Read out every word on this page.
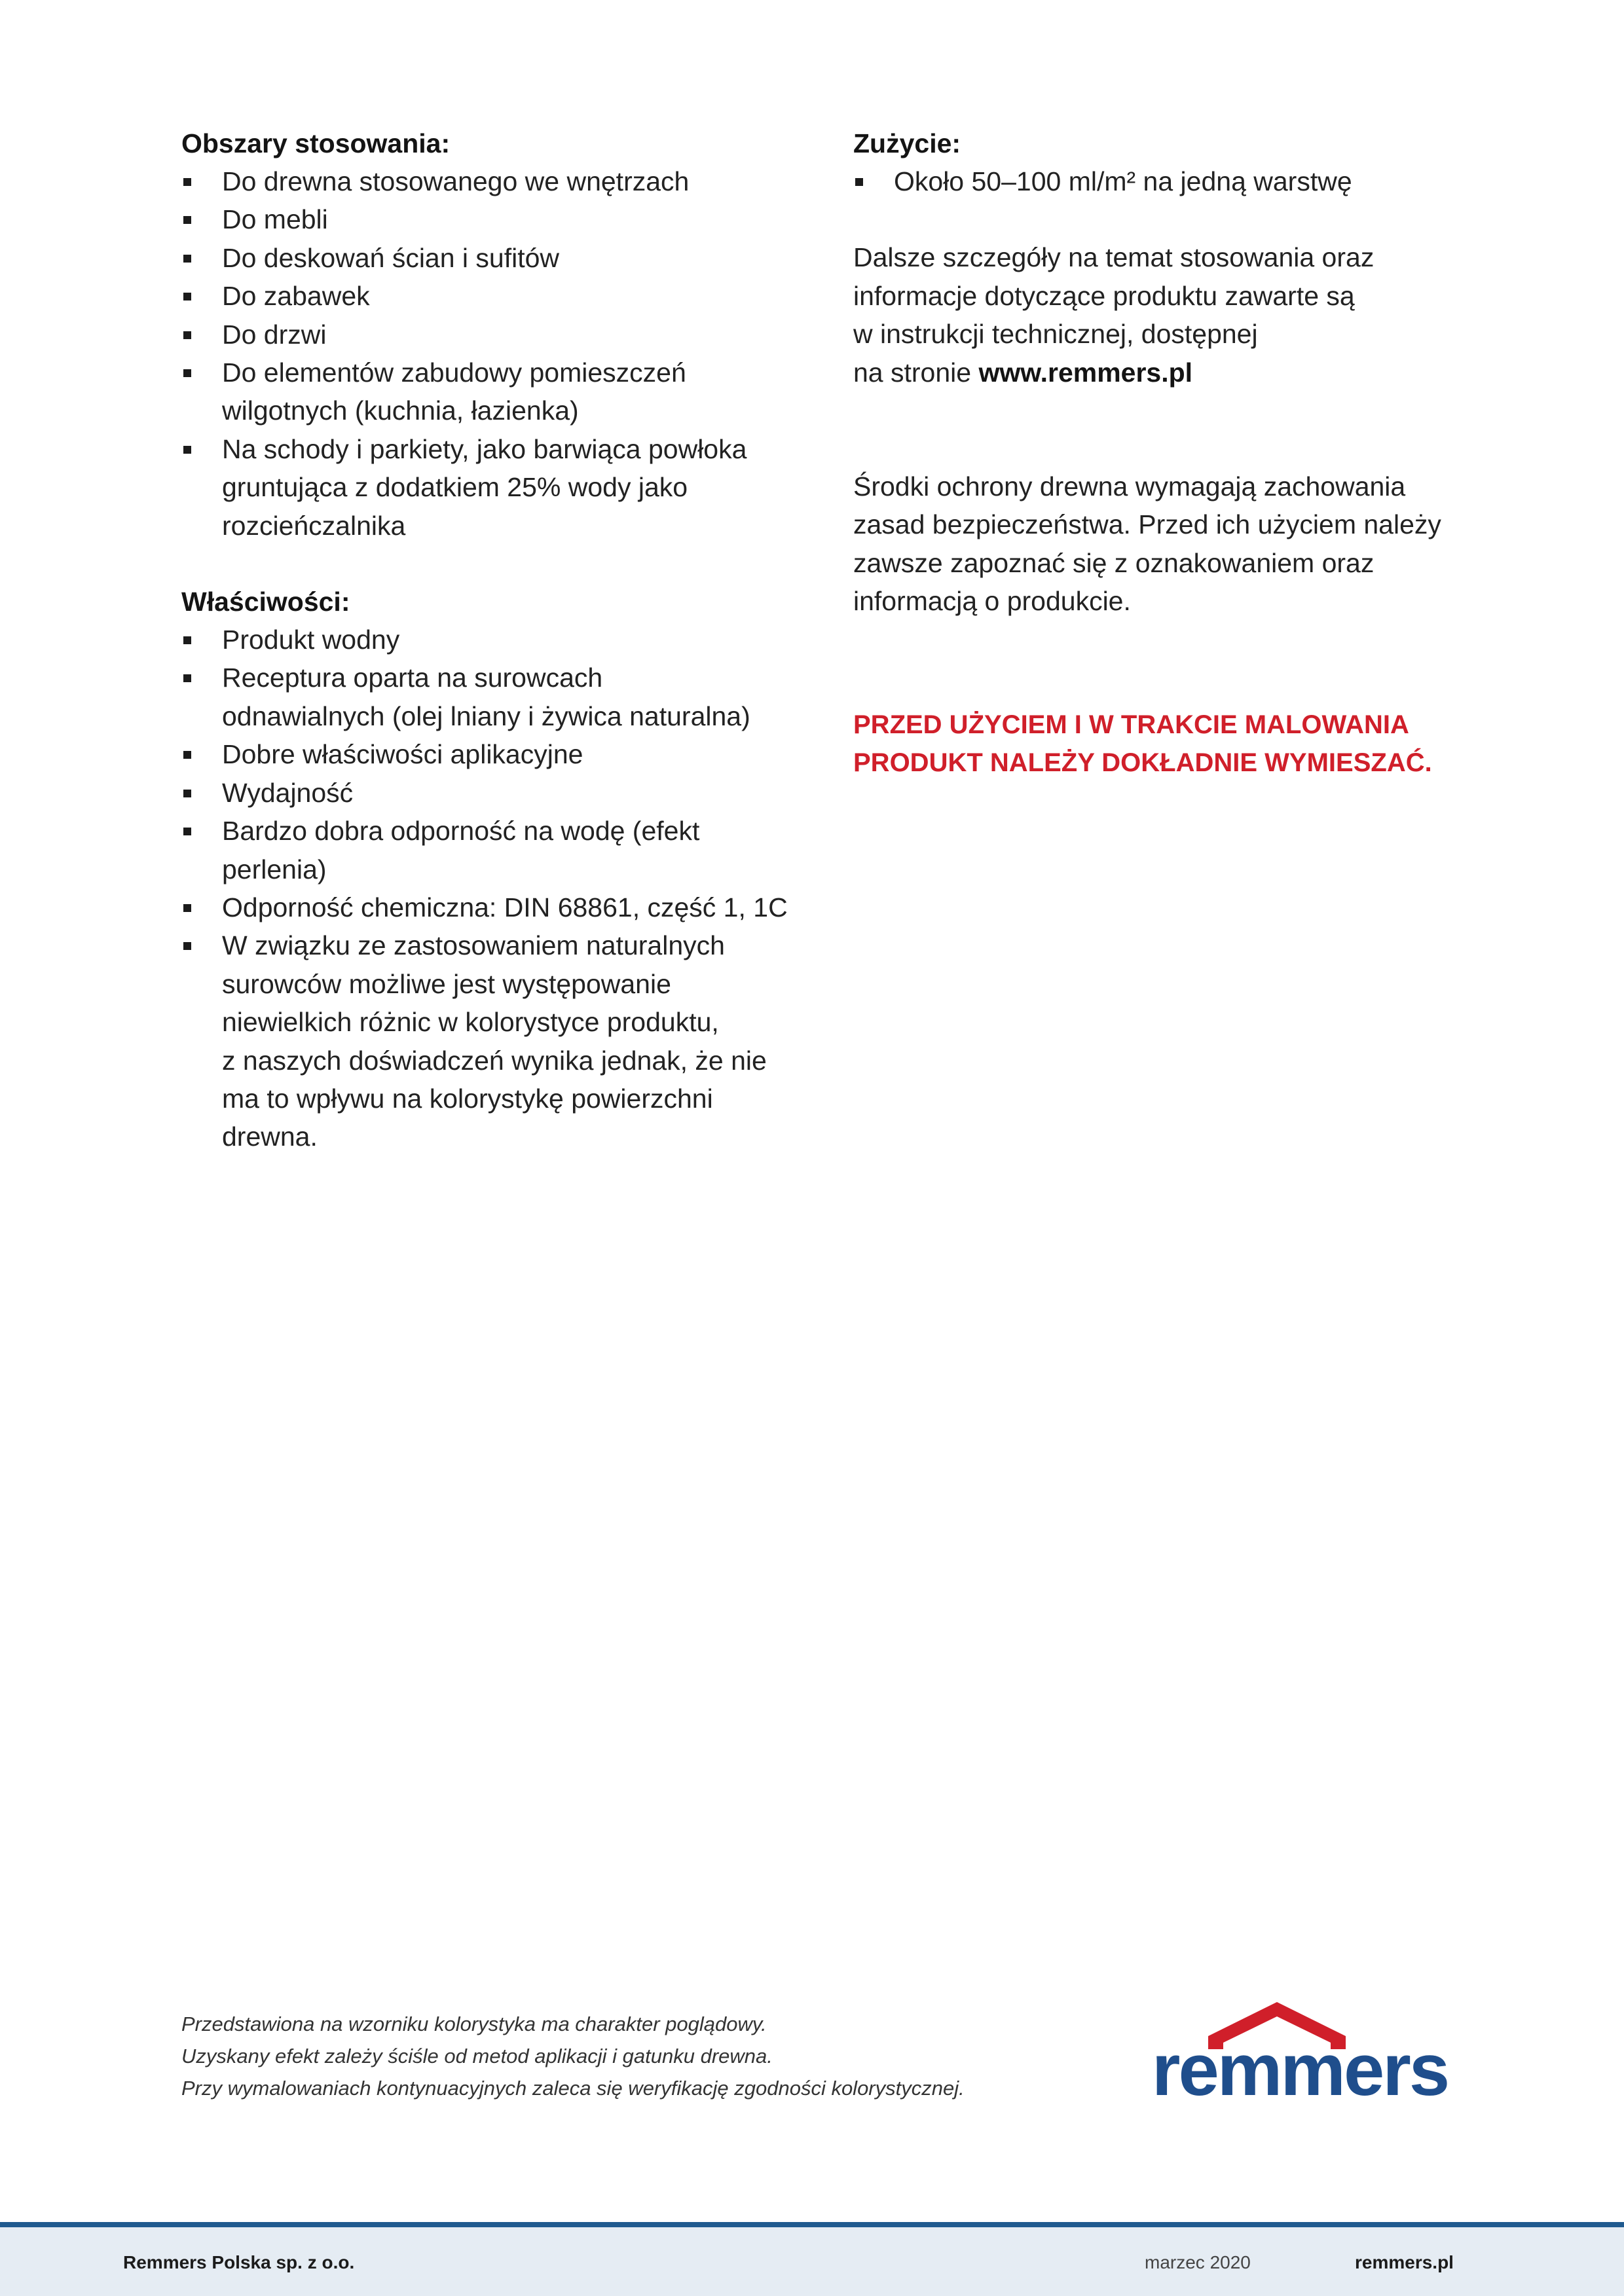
Obszary stosowania:

Do drewna stosowanego we wnętrzach
Do mebli
Do deskowań ścian i sufitów
Do zabawek
Do drzwi
Do elementów zabudowy pomieszczeń
wilgotnych (kuchnia, łazienka)
Na schody i parkiety, jako barwiąca powłoka
gruntująca z dodatkiem 25% wody jako
rozcieńczalnika

Właściwości:

Produkt wodny
Receptura oparta na surowcach
odnawialnych (olej lniany i żywica naturalna)
Dobre właściwości aplikacyjne
Wydajność
Bardzo dobra odporność na wodę (efekt
perlenia)
Odporność chemiczna: DIN 68861, część 1, 1C
W związku ze zastosowaniem naturalnych
surowców możliwe jest występowanie
niewielkich różnic w kolorystyce produktu,
z naszych doświadczeń wynika jednak, że nie
ma to wpływu na kolorystykę powierzchni
drewna.

Zużycie:

Około 50–100 ml/m² na jedną warstwę

Dalsze szczegóły na temat stosowania oraz
informacje dotyczące produktu zawarte są
w instrukcji technicznej, dostępnej
na stronie www.remmers.pl

Środki ochrony drewna wymagają zachowania
zasad bezpieczeństwa. Przed ich użyciem należy
zawsze zapoznać się z oznakowaniem oraz
informacją o produkcie.

PRZED UŻYCIEM I W TRAKCIE MALOWANIA
PRODUKT NALEŻY DOKŁADNIE WYMIESZAĆ.

Przedstawiona na wzorniku kolorystyka ma charakter poglądowy.
Uzyskany efekt zależy ściśle od metod aplikacji i gatunku drewna.
Przy wymalowaniach kontynuacyjnych zaleca się weryfikację zgodności kolorystycznej.	remmers
Remmers Polska sp. z o.o.	marzec 2020	remmers.pl
